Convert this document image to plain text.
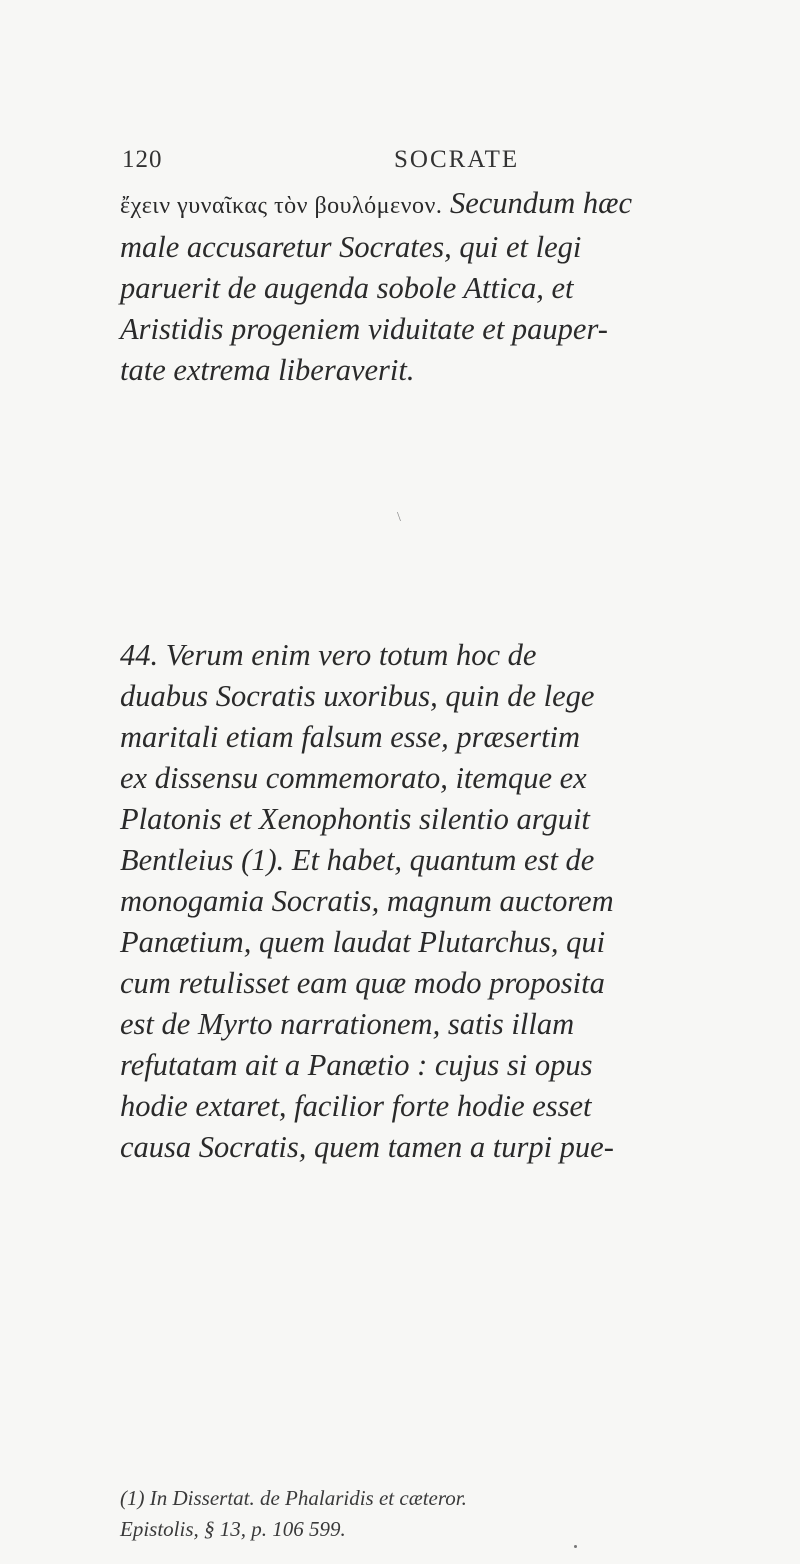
120	SOCRATE
ἔχειν γυναῖκας τὸν βουλόμενον. Secundum hæc
male accusaretur Socrates, qui et legi
paruerit de augenda sobole Attica, et
Aristidis progeniem viduitate et pauper-
tate extrema liberaverit.
\
44. Verum enim vero totum hoc de
duabus Socratis uxoribus, quin de lege
maritali etiam falsum esse, præsertim
ex dissensu commemorato, itemque ex
Platonis et Xenophontis silentio arguit
Bentleius (1). Et habet, quantum est de
monogamia Socratis, magnum auctorem
Panætium, quem laudat Plutarchus, qui
cum retulisset eam quæ modo proposita
est de Myrto narrationem, satis illam
refutatam ait a Panætio : cujus si opus
hodie extaret, facilior forte hodie esset
causa Socratis, quem tamen a turpi pue-
(1) In Dissertat. de Phalaridis et cæteror.
Epistolis, § 13, p. 106 599.
